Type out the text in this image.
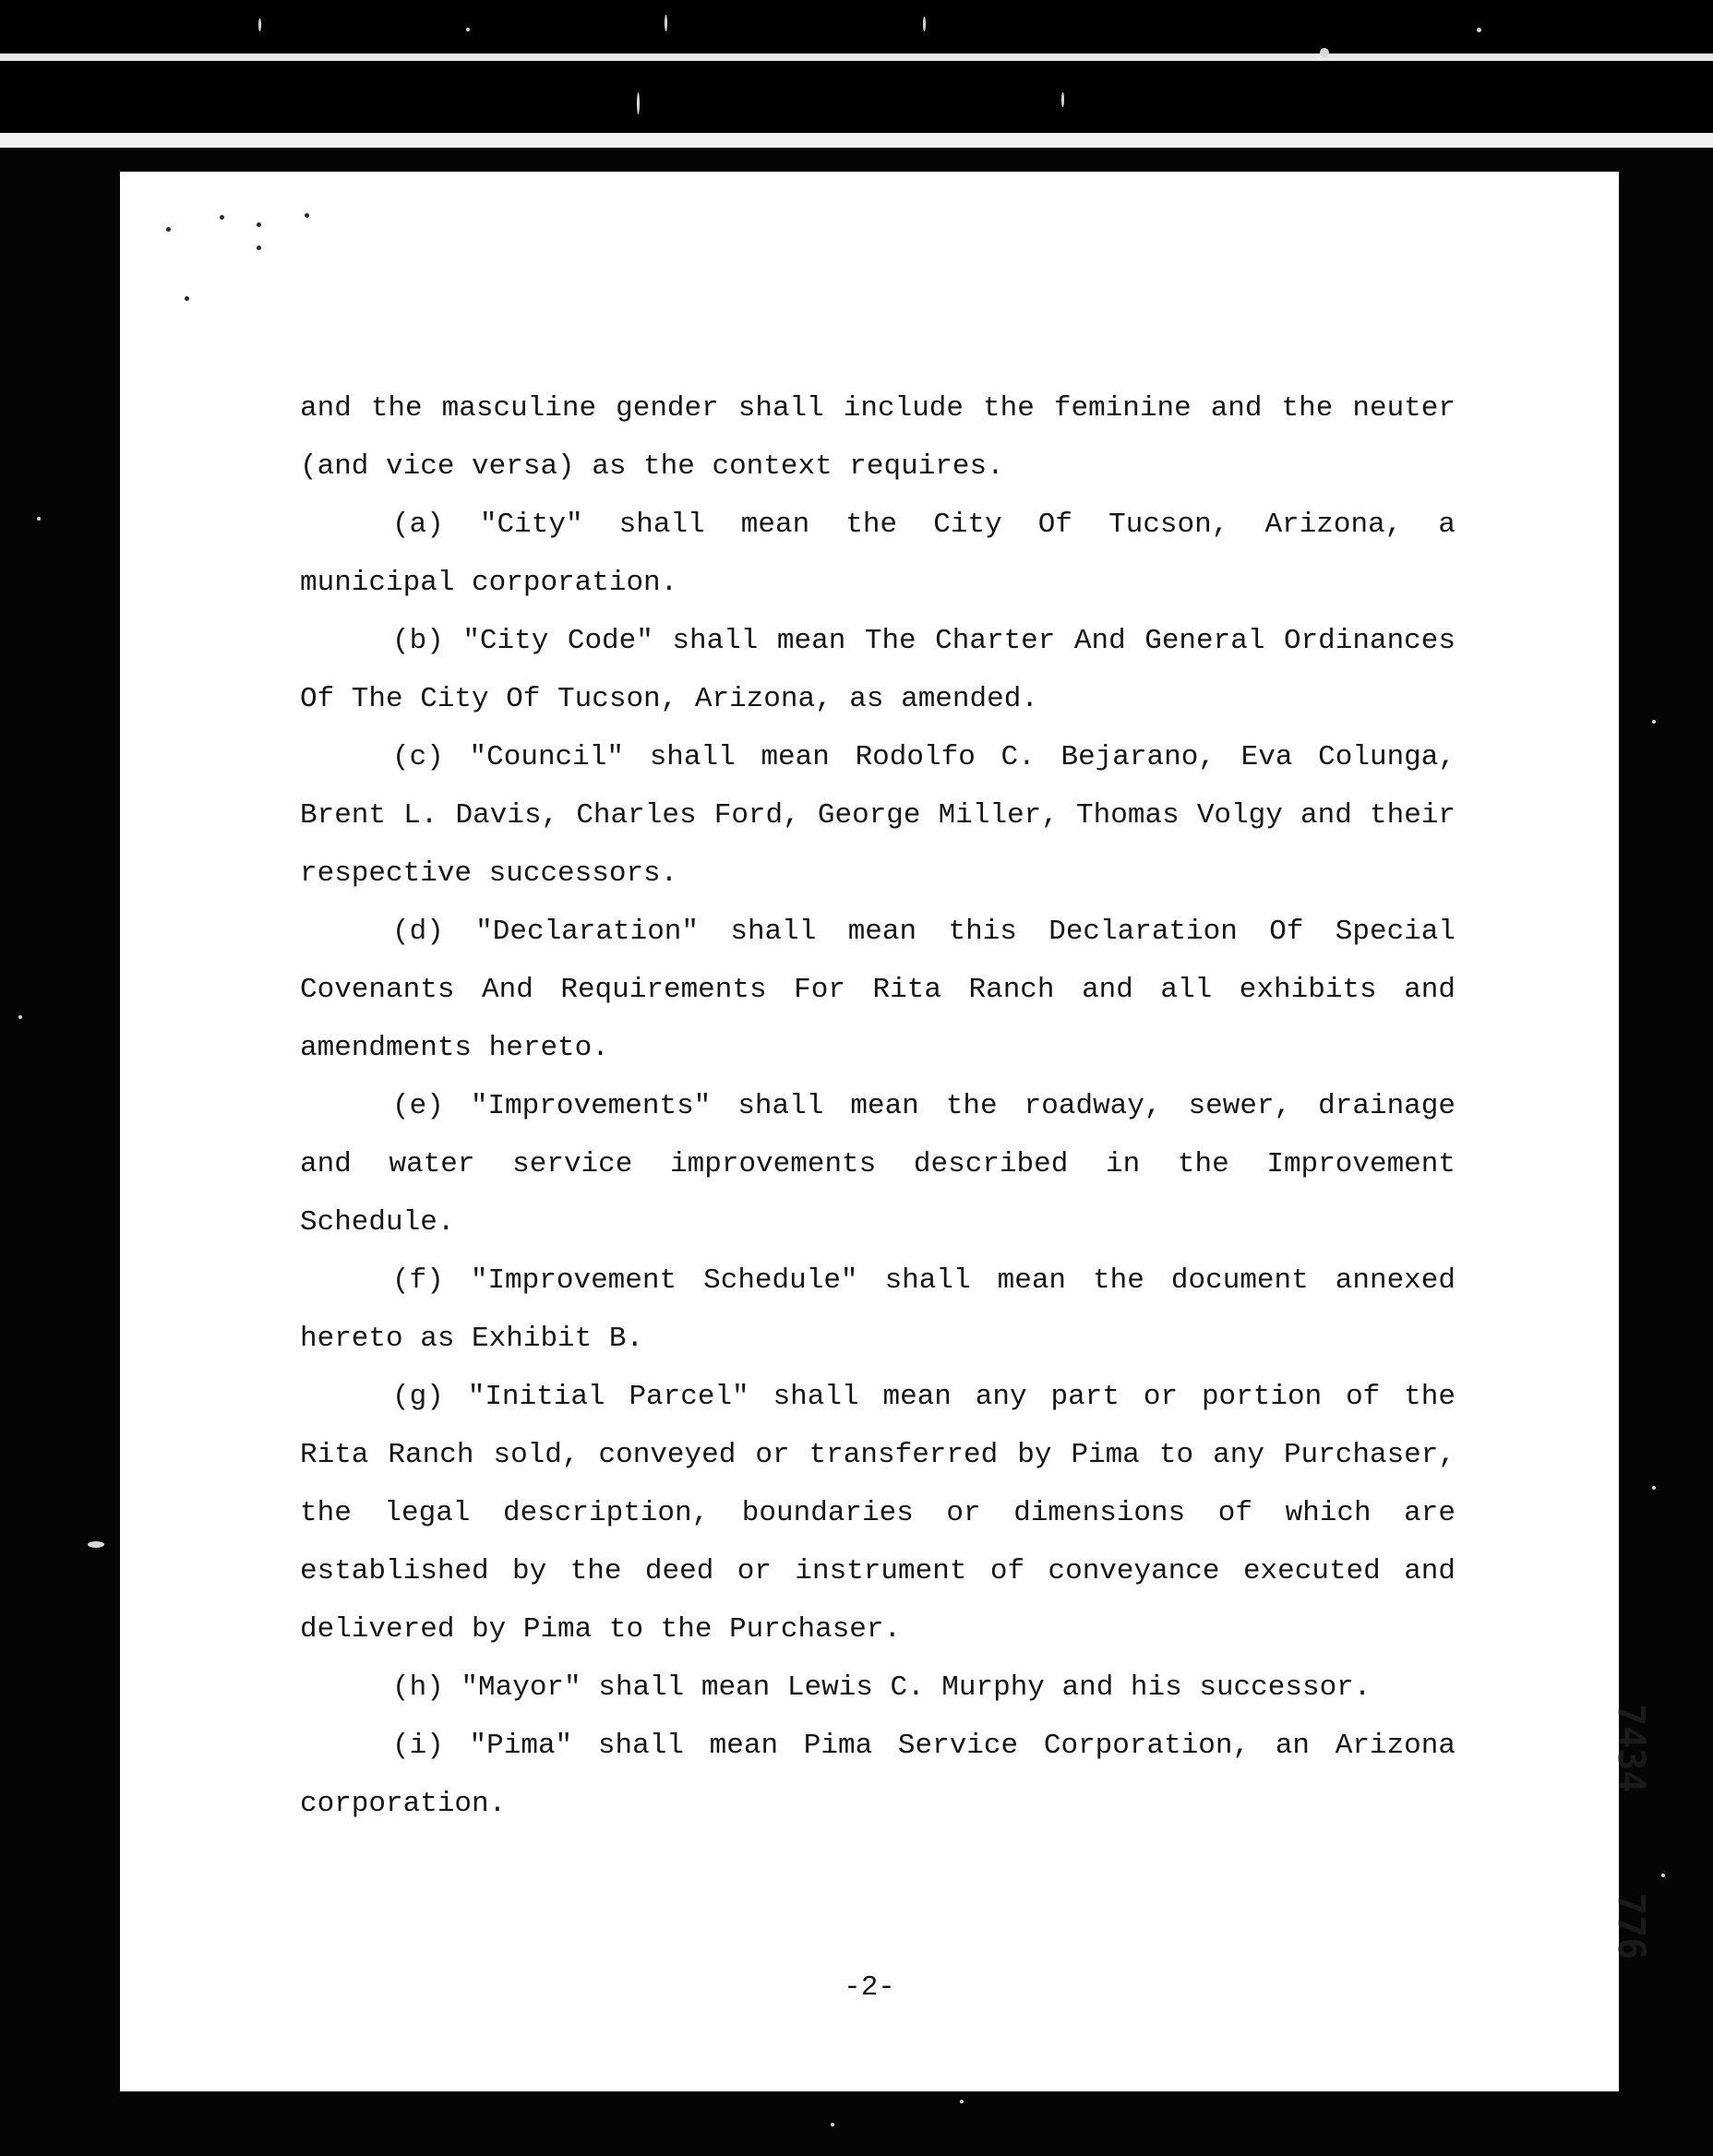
and the masculine gender shall include the feminine and the neuter (and vice versa) as the context requires.

(a) "City" shall mean the City Of Tucson, Arizona, a municipal corporation.

(b) "City Code" shall mean The Charter And General Ordinances Of The City Of Tucson, Arizona, as amended.

(c) "Council" shall mean Rodolfo C. Bejarano, Eva Colunga, Brent L. Davis, Charles Ford, George Miller, Thomas Volgy and their respective successors.

(d) "Declaration" shall mean this Declaration Of Special Covenants And Requirements For Rita Ranch and all exhibits and amendments hereto.

(e) "Improvements" shall mean the roadway, sewer, drainage and water service improvements described in the Improvement Schedule.

(f) "Improvement Schedule" shall mean the document annexed hereto as Exhibit B.

(g) "Initial Parcel" shall mean any part or portion of the Rita Ranch sold, conveyed or transferred by Pima to any Purchaser, the legal description, boundaries or dimensions of which are established by the deed or instrument of conveyance executed and delivered by Pima to the Purchaser.

(h) "Mayor" shall mean Lewis C. Murphy and his successor.

(i) "Pima" shall mean Pima Service Corporation, an Arizona corporation.

-2-
7434
776
